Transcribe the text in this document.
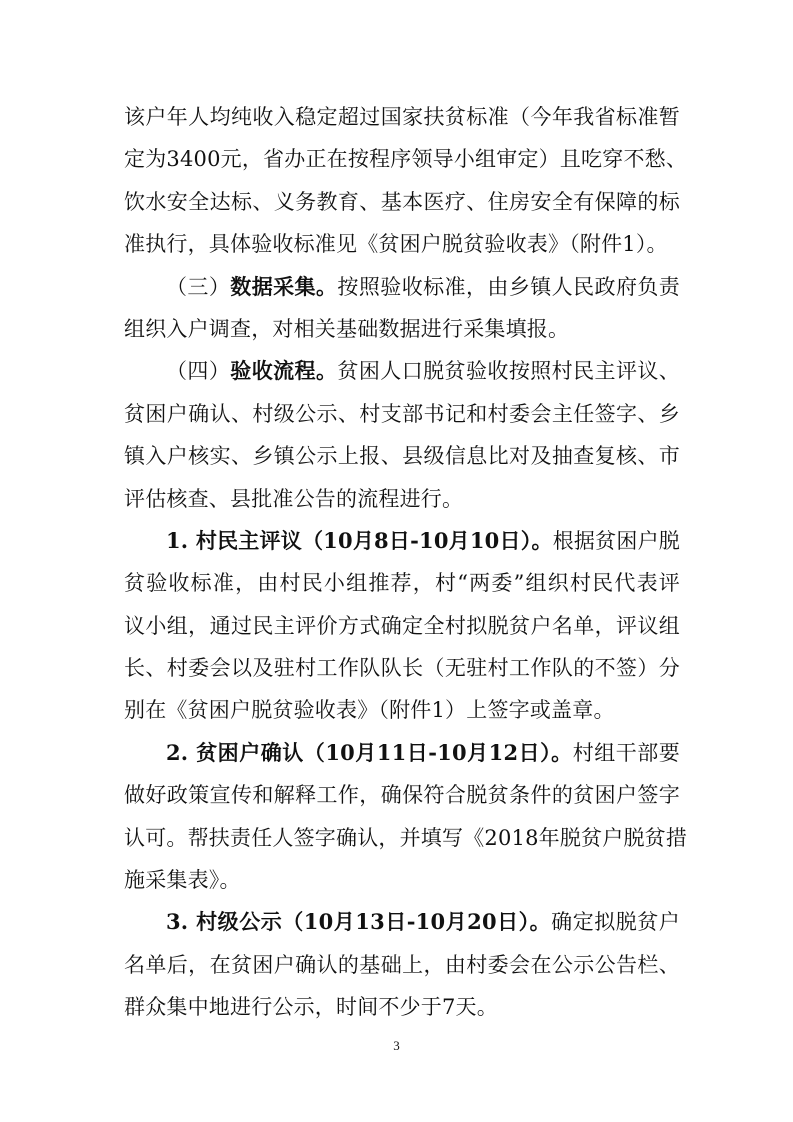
该户年人均纯收入稳定超过国家扶贫标准（今年我省标准暂
定为3400元，省办正在按程序领导小组审定）且吃穿不愁、
饮水安全达标、义务教育、基本医疗、住房安全有保障的标
准执行，具体验收标准见《贫困户脱贫验收表》（附件1）。
（三）数据采集。按照验收标准，由乡镇人民政府负责
组织入户调查，对相关基础数据进行采集填报。
（四）验收流程。贫困人口脱贫验收按照村民主评议、
贫困户确认、村级公示、村支部书记和村委会主任签字、乡
镇入户核实、乡镇公示上报、县级信息比对及抽查复核、市
评估核查、县批准公告的流程进行。
1. 村民主评议（10月8日-10月10日）。根据贫困户脱
贫验收标准，由村民小组推荐，村“两委”组织村民代表评
议小组，通过民主评价方式确定全村拟脱贫户名单，评议组
长、村委会以及驻村工作队队长（无驻村工作队的不签）分
别在《贫困户脱贫验收表》（附件1）上签字或盖章。
2. 贫困户确认（10月11日-10月12日）。村组干部要
做好政策宣传和解释工作，确保符合脱贫条件的贫困户签字
认可。帮扶责任人签字确认，并填写《2018年脱贫户脱贫措
施采集表》。
3. 村级公示（10月13日-10月20日）。确定拟脱贫户
名单后，在贫困户确认的基础上，由村委会在公示公告栏、
群众集中地进行公示，时间不少于7天。
3
